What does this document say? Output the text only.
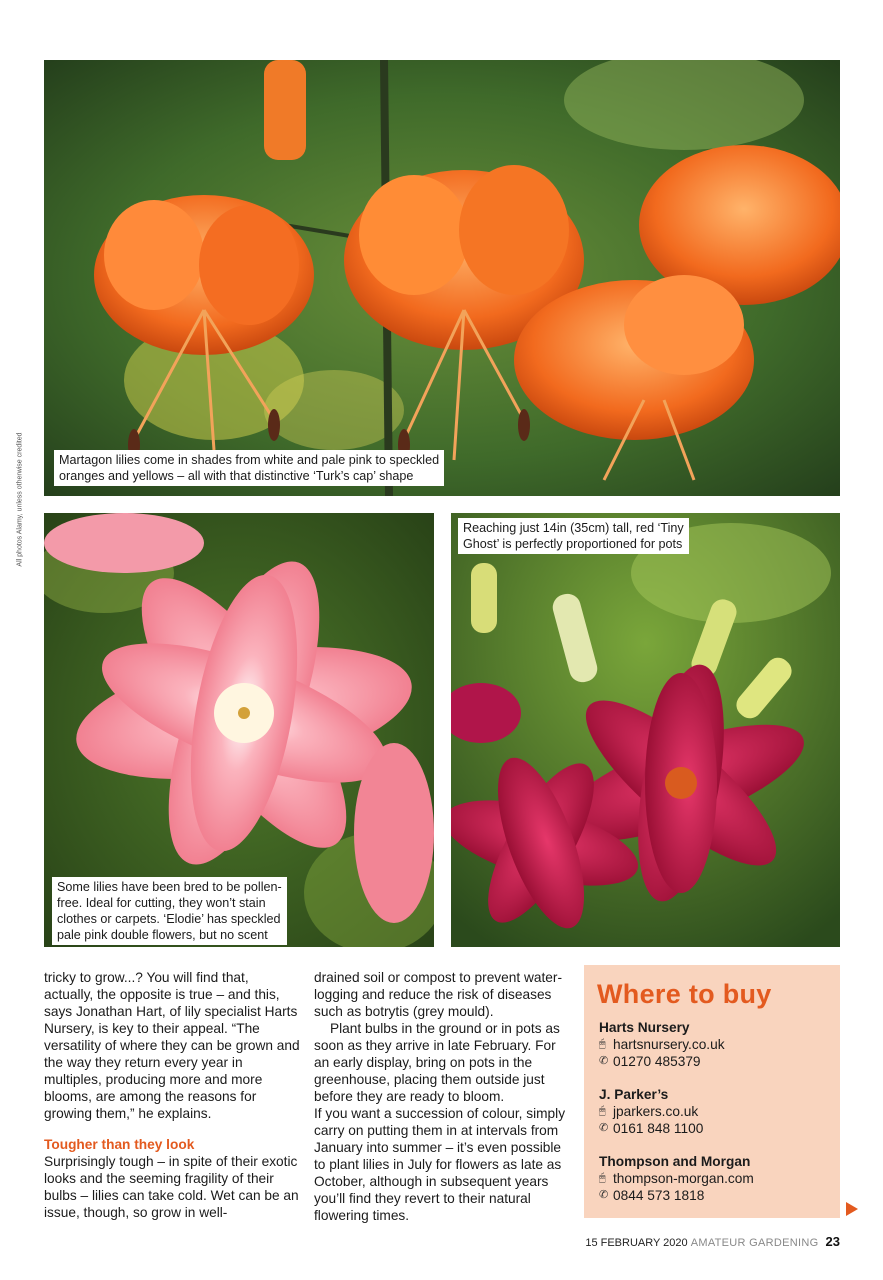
All photos Alamy, unless otherwise credited	Martagon lilies come in shades from white and pale pink to speckled
oranges and yellows – all with that distinctive ‘Turk’s cap’ shape
Some lilies have been bred to be pollen-
free. Ideal for cutting, they won’t stain
clothes or carpets. ‘Elodie’ has speckled
pale pink double flowers, but no scent
Reaching just 14in (35cm) tall, red ‘Tiny
Ghost’ is perfectly proportioned for pots

tricky to grow...? You will find that, actually, the opposite is true – and this, says Jonathan Hart, of lily specialist Harts Nursery, is key to their appeal. “The versatility of where they can be grown and the way they return every year in multiples, producing more and more blooms, are among the reasons for growing them,” he explains.

Tougher than they look

Surprisingly tough – in spite of their exotic looks and the seeming fragility of their bulbs – lilies can take cold. Wet can be an issue, though, so grow in well-

drained soil or compost to prevent water-logging and reduce the risk of diseases such as botrytis (grey mould).

Plant bulbs in the ground or in pots as soon as they arrive in late February. For an early display, bring on pots in the greenhouse, placing them outside just before they are ready to bloom.

If you want a succession of colour, simply carry on putting them in at intervals from January into summer – it’s even possible to plant lilies in July for flowers as late as October, although in subsequent years you’ll find they revert to their natural flowering times.

Where to buy
Harts Nursery
🖱︎ hartsnursery.co.uk
✆ 01270 485379
J. Parker’s
🖱︎ jparkers.co.uk
✆ 0161 848 1100
Thompson and Morgan
🖱︎ thompson-morgan.com
✆ 0844 573 1818
15 FEBRUARY 2020 AMATEUR GARDENING 23
